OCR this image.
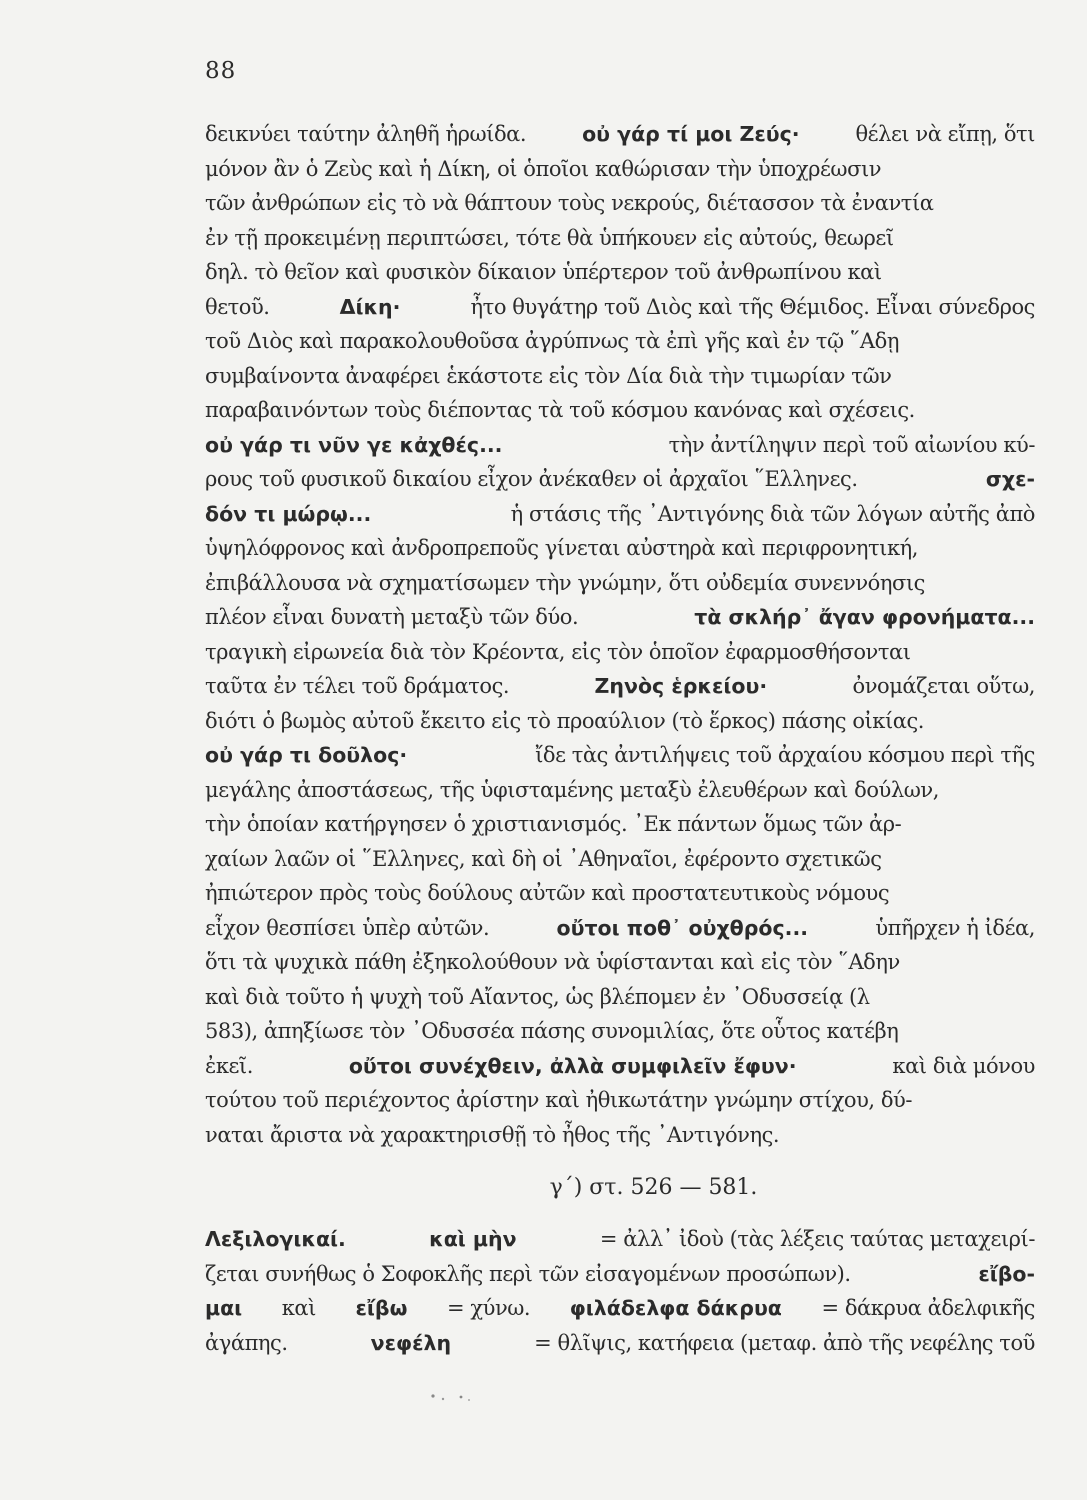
88
δεικνύει ταύτην ἀληθῆ ἡρωίδα.	οὐ γάρ τί μοι Ζεύς·	θέλει νὰ εἴπῃ, ὅτι
μόνον ἂν ὁ Ζεὺς καὶ ἡ Δίκη, οἱ ὁποῖοι καθώρισαν τὴν ὑποχρέωσιν
τῶν ἀνθρώπων εἰς τὸ νὰ θάπτουν τοὺς νεκρούς, διέτασσον τὰ ἐναντία
ἐν τῇ προκειμένῃ περιπτώσει, τότε θὰ ὑπήκουεν εἰς αὐτούς, θεωρεῖ
δηλ. τὸ θεῖον καὶ φυσικὸν δίκαιον ὑπέρτερον τοῦ ἀνθρωπίνου καὶ
θετοῦ.	Δίκη·	ἦτο θυγάτηρ τοῦ Διὸς καὶ τῆς Θέμιδος. Εἶναι σύνεδρος
τοῦ Διὸς καὶ παρακολουθοῦσα ἀγρύπνως τὰ ἐπὶ γῆς καὶ ἐν τῷ ῞Αδῃ
συμβαίνοντα ἀναφέρει ἑκάστοτε εἰς τὸν Δία διὰ τὴν τιμωρίαν τῶν
παραβαινόντων τοὺς διέποντας τὰ τοῦ κόσμου κανόνας καὶ σχέσεις.
οὐ γάρ τι νῦν γε κἀχθές...	τὴν ἀντίληψιν περὶ τοῦ αἰωνίου κύ-
ρους τοῦ φυσικοῦ δικαίου εἶχον ἀνέκαθεν οἱ ἀρχαῖοι ῞Ελληνες.	σχε-
δόν τι μώρῳ...	ἡ στάσις τῆς ᾿Αντιγόνης διὰ τῶν λόγων αὐτῆς ἀπὸ
ὑψηλόφρονος καὶ ἀνδροπρεποῦς γίνεται αὐστηρὰ καὶ περιφρονητική,
ἐπιβάλλουσα νὰ σχηματίσωμεν τὴν γνώμην, ὅτι οὐδεμία συνεννόησις
πλέον εἶναι δυνατὴ μεταξὺ τῶν δύο.	τὰ σκλήρ᾿ ἄγαν φρονήματα...
τραγικὴ εἰρωνεία διὰ τὸν Κρέοντα, εἰς τὸν ὁποῖον ἐφαρμοσθήσονται
ταῦτα ἐν τέλει τοῦ δράματος.	Ζηνὸς ἑρκείου·	ὀνομάζεται οὕτω,
διότι ὁ βωμὸς αὐτοῦ ἔκειτο εἰς τὸ προαύλιον (τὸ ἕρκος) πάσης οἰκίας.
οὐ γάρ τι δοῦλος·	ἴδε τὰς ἀντιλήψεις τοῦ ἀρχαίου κόσμου περὶ τῆς
μεγάλης ἀποστάσεως, τῆς ὑφισταμένης μεταξὺ ἐλευθέρων καὶ δούλων,
τὴν ὁποίαν κατήργησεν ὁ χριστιανισμός. ᾿Εκ πάντων ὅμως τῶν ἀρ-
χαίων λαῶν οἱ ῞Ελληνες, καὶ δὴ οἱ ᾿Αθηναῖοι, ἐφέροντο σχετικῶς
ἠπιώτερον πρὸς τοὺς δούλους αὐτῶν καὶ προστατευτικοὺς νόμους
εἶχον θεσπίσει ὑπὲρ αὐτῶν.	οὔτοι ποθ᾿ οὐχθρός...	ὑπῆρχεν ἡ ἰδέα,
ὅτι τὰ ψυχικὰ πάθη ἐξηκολούθουν νὰ ὑφίστανται καὶ εἰς τὸν ῞Αδην
καὶ διὰ τοῦτο ἡ ψυχὴ τοῦ Αἴαντος, ὡς βλέπομεν ἐν ᾿Οδυσσείᾳ (λ
583), ἀπηξίωσε τὸν ᾿Οδυσσέα πάσης συνομιλίας, ὅτε οὗτος κατέβη
ἐκεῖ.	οὔτοι συνέχθειν, ἀλλὰ συμφιλεῖν ἔφυν·	καὶ διὰ μόνου
τούτου τοῦ περιέχοντος ἀρίστην καὶ ἠθικωτάτην γνώμην στίχου, δύ-
ναται ἄριστα νὰ χαρακτηρισθῇ τὸ ἦθος τῆς ᾿Αντιγόνης.
γ΄) στ. 526 — 581.
Λεξιλογικαί.	καὶ μὴν	= ἀλλ᾿ ἰδοὺ (τὰς λέξεις ταύτας μεταχειρί-
ζεται συνήθως ὁ Σοφοκλῆς περὶ τῶν εἰσαγομένων προσώπων).	εἴβο-
μαι καὶ εἴβω = χύνω. φιλάδελφα δάκρυα = δάκρυα ἀδελφικῆς
ἀγάπης.	νεφέλη	= θλῖψις, κατήφεια (μεταφ. ἀπὸ τῆς νεφέλης τοῦ
